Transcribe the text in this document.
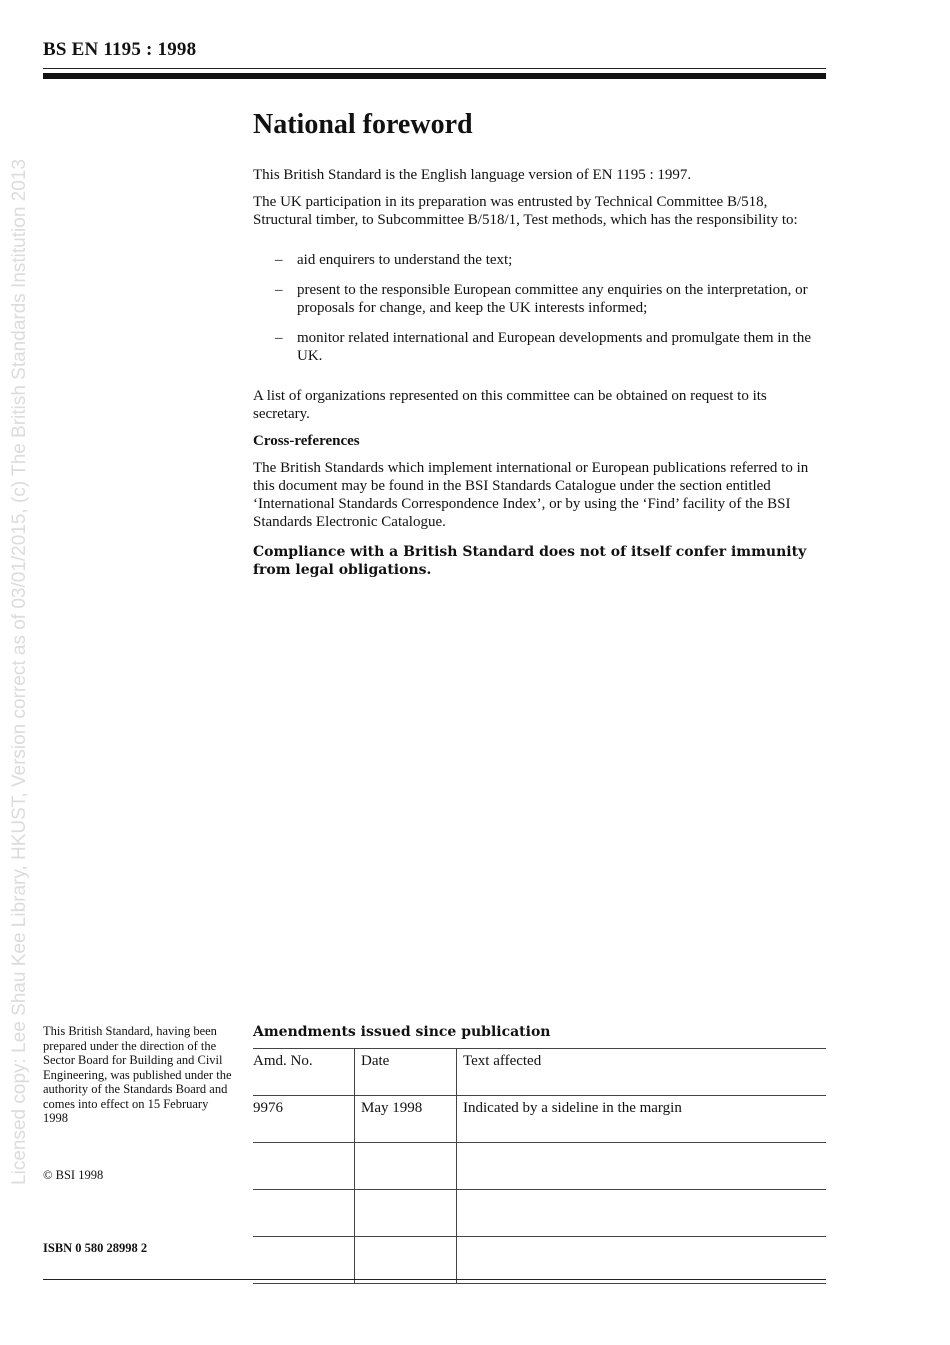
BS EN 1195 : 1998
Licensed copy: Lee Shau Kee Library, HKUST, Version correct as of 03/01/2015, (c) The British Standards Institution 2013
National foreword

This British Standard is the English language version of EN 1195 : 1997.

The UK participation in its preparation was entrusted by Technical Committee B/518, Structural timber, to Subcommittee B/518/1, Test methods, which has the responsibility to:

– aid enquirers to understand the text;
– present to the responsible European committee any enquiries on the interpretation, or proposals for change, and keep the UK interests informed;
– monitor related international and European developments and promulgate them in the UK.

A list of organizations represented on this committee can be obtained on request to its secretary.

Cross-references

The British Standards which implement international or European publications referred to in this document may be found in the BSI Standards Catalogue under the section entitled ‘International Standards Correspondence Index’, or by using the ‘Find’ facility of the BSI Standards Electronic Catalogue.

Compliance with a British Standard does not of itself confer immunity from legal obligations.

This British Standard, having been prepared under the direction of the Sector Board for Building and Civil Engineering, was published under the authority of the Standards Board and comes into effect on 15 February 1998
© BSI 1998
ISBN 0 580 28998 2
Amendments issued since publication
Amd. No.	Date	Text affected
9976	May 1998	Indicated by a sideline in the margin
